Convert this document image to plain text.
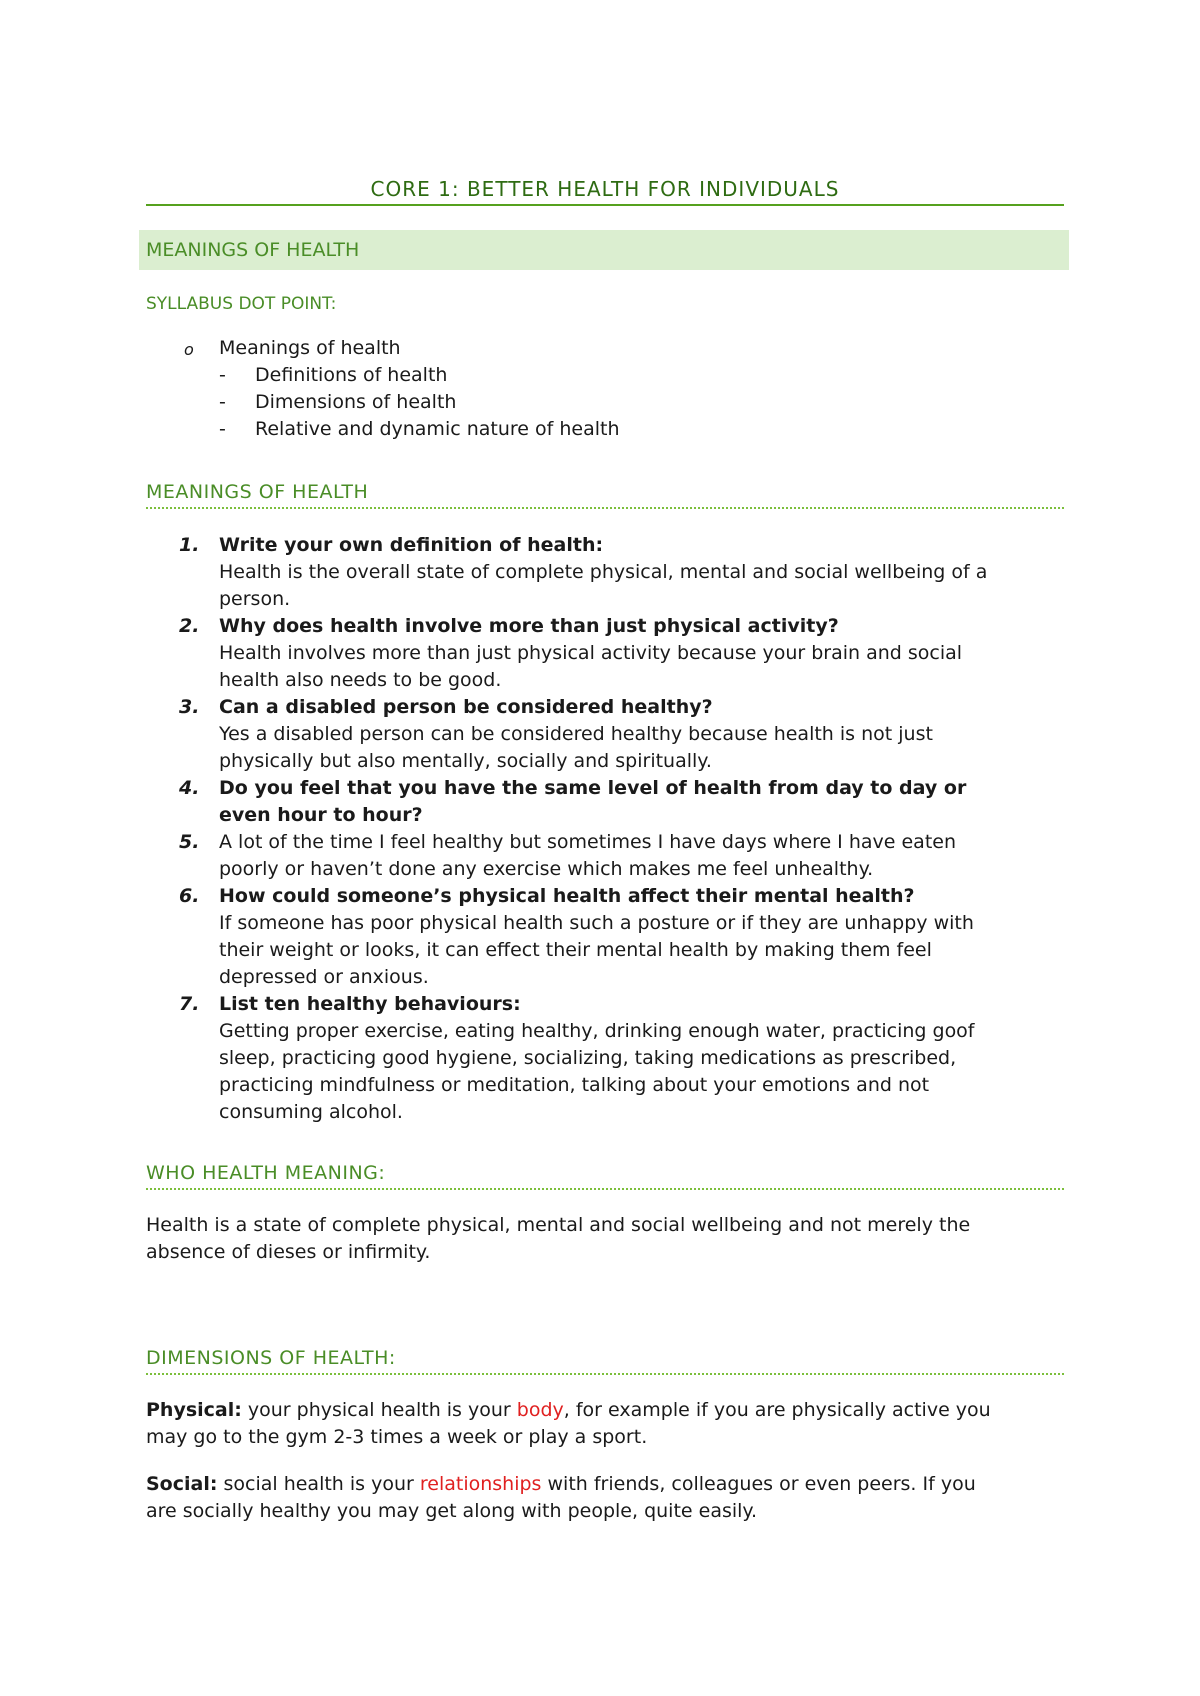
CORE 1: BETTER HEALTH FOR INDIVIDUALS
MEANINGS OF HEALTH
SYLLABUS DOT POINT:
o Meanings of health
- Definitions of health
- Dimensions of health
- Relative and dynamic nature of health
MEANINGS OF HEALTH
1. Write your own definition of health:
Health is the overall state of complete physical, mental and social wellbeing of a
person.
2. Why does health involve more than just physical activity?
Health involves more than just physical activity because your brain and social
health also needs to be good.
3. Can a disabled person be considered healthy?
Yes a disabled person can be considered healthy because health is not just
physically but also mentally, socially and spiritually.
4. Do you feel that you have the same level of health from day to day or
even hour to hour?
5. A lot of the time I feel healthy but sometimes I have days where I have eaten
poorly or haven’t done any exercise which makes me feel unhealthy.
6. How could someone’s physical health affect their mental health?
If someone has poor physical health such a posture or if they are unhappy with
their weight or looks, it can effect their mental health by making them feel
depressed or anxious.
7. List ten healthy behaviours:
Getting proper exercise, eating healthy, drinking enough water, practicing goof
sleep, practicing good hygiene, socializing, taking medications as prescribed,
practicing mindfulness or meditation, talking about your emotions and not
consuming alcohol.
WHO HEALTH MEANING:
Health is a state of complete physical, mental and social wellbeing and not merely the
absence of dieses or infirmity.
DIMENSIONS OF HEALTH:
Physical: your physical health is your body, for example if you are physically active you
may go to the gym 2-3 times a week or play a sport.
Social: social health is your relationships with friends, colleagues or even peers. If you
are socially healthy you may get along with people, quite easily.
